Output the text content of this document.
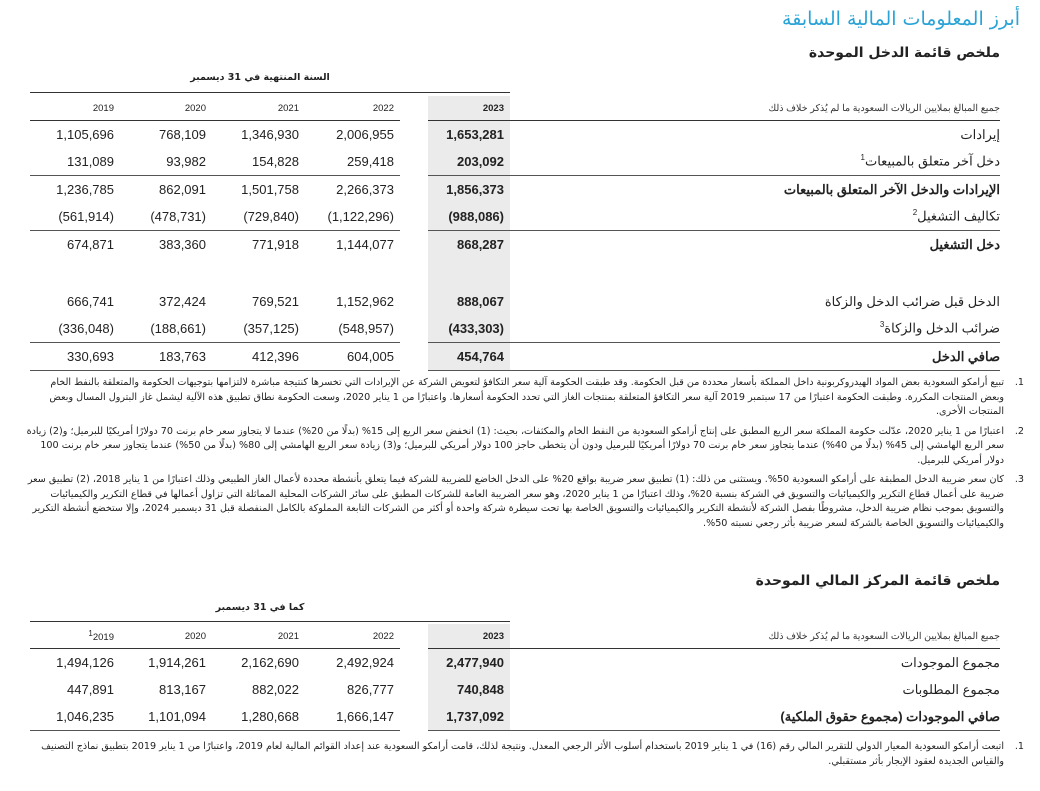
أبرز المعلومات المالية السابقة
ملخص قائمة الدخل الموحدة
السنة المنتهية في 31 ديسمبر
2019	2020	2021	2022		2023	جميع المبالغ بملايين الريالات السعودية ما لم يُذكر خلاف ذلك
1,105,696	768,109	1,346,930	2,006,955		1,653,281	إيرادات
131,089	93,982	154,828	259,418		203,092	دخل آخر متعلق بالمبيعات$^1$
1,236,785	862,091	1,501,758	2,266,373		1,856,373	الإيرادات والدخل الآخر المتعلق بالمبيعات
(561,914)	(478,731)	(729,840)	(1,122,296)		(988,086)	تكاليف التشغيل$^2$
674,871	383,360	771,918	1,144,077		868,287	دخل التشغيل

666,741	372,424	769,521	1,152,962		888,067	الدخل قبل ضرائب الدخل والزكاة
(336,048)	(188,661)	(357,125)	(548,957)		(433,303)	ضرائب الدخل والزكاة$^3$
330,693	183,763	412,396	604,005		454,764	صافي الدخل
1.
تبيع أرامكو السعودية بعض المواد الهيدروكربونية داخل المملكة بأسعار محددة من قبل الحكومة. وقد طبقت الحكومة آلية سعر التكافؤ لتعويض الشركة عن الإيرادات التي تخسرها كنتيجة مباشرة لالتزامها بتوجيهات الحكومة والمتعلقة بالنفط الخام وبعض المنتجات المكررة. وطبقت الحكومة اعتبارًا من 17 سبتمبر 2019 آلية سعر التكافؤ المتعلقة بمنتجات الغاز التي تحدد الحكومة أسعارها. واعتبارًا من 1 يناير 2020، وسعت الحكومة نطاق تطبيق هذه الآلية ليشمل غاز البترول المسال وبعض المنتجات الأخرى.
2.
اعتبارًا من 1 يناير 2020، عدّلت حكومة المملكة سعر الريع المطبق على إنتاج أرامكو السعودية من النفط الخام والمكثفات، بحيث: (1) انخفض سعر الريع إلى 15% (بدلًا من 20%) عندما لا يتجاوز سعر خام برنت 70 دولارًا أمريكيًا للبرميل؛ و(2) زيادة سعر الريع الهامشي إلى 45% (بدلًا من 40%) عندما يتجاوز سعر خام برنت 70 دولارًا أمريكيًا للبرميل ودون أن يتخطى حاجز 100 دولار أمريكي للبرميل؛ و(3) زيادة سعر الريع الهامشي إلى 80% (بدلًا من 50%) عندما يتجاوز سعر خام برنت 100 دولار أمريكي للبرميل.
3.
كان سعر ضريبة الدخل المطبقة على أرامكو السعودية 50%. ويستثنى من ذلك: (1) تطبيق سعر ضريبة بواقع 20% على الدخل الخاضع للضريبة للشركة فيما يتعلق بأنشطة محددة لأعمال الغاز الطبيعي وذلك اعتبارًا من 1 يناير 2018، (2) تطبيق سعر ضريبة على أعمال قطاع التكرير والكيميائيات والتسويق في الشركة بنسبة 20%، وذلك اعتبارًا من 1 يناير 2020، وهو سعر الضريبة العامة للشركات المطبق على سائر الشركات المحلية المماثلة التي تزاول أعمالها في قطاع التكرير والكيميائيات والتسويق بموجب نظام ضريبة الدخل، مشروطًا بفصل الشركة لأنشطة التكرير والكيميائيات والتسويق الخاصة بها تحت سيطرة شركة واحدة أو أكثر من الشركات التابعة المملوكة بالكامل المنفصلة قبل 31 ديسمبر 2024، وإلا ستخضع أنشطة التكرير والكيميائيات والتسويق الخاصة بالشركة لسعر ضريبة بأثر رجعي نسبته 50%.
ملخص قائمة المركز المالي الموحدة
كما في 31 ديسمبر
$^1$2019	2020	2021	2022		2023	جميع المبالغ بملايين الريالات السعودية ما لم يُذكر خلاف ذلك
1,494,126	1,914,261	2,162,690	2,492,924		2,477,940	مجموع الموجودات
447,891	813,167	882,022	826,777		740,848	مجموع المطلوبات
1,046,235	1,101,094	1,280,668	1,666,147		1,737,092	صافي الموجودات (مجموع حقوق الملكية)
1.
اتبعت أرامكو السعودية المعيار الدولي للتقرير المالي رقم (16) في 1 يناير 2019 باستخدام أسلوب الأثر الرجعي المعدل. ونتيجة لذلك، قامت أرامكو السعودية عند إعداد القوائم المالية لعام 2019، واعتبارًا من 1 يناير 2019 بتطبيق نماذج التصنيف والقياس الجديدة لعقود الإيجار بأثر مستقبلي.
